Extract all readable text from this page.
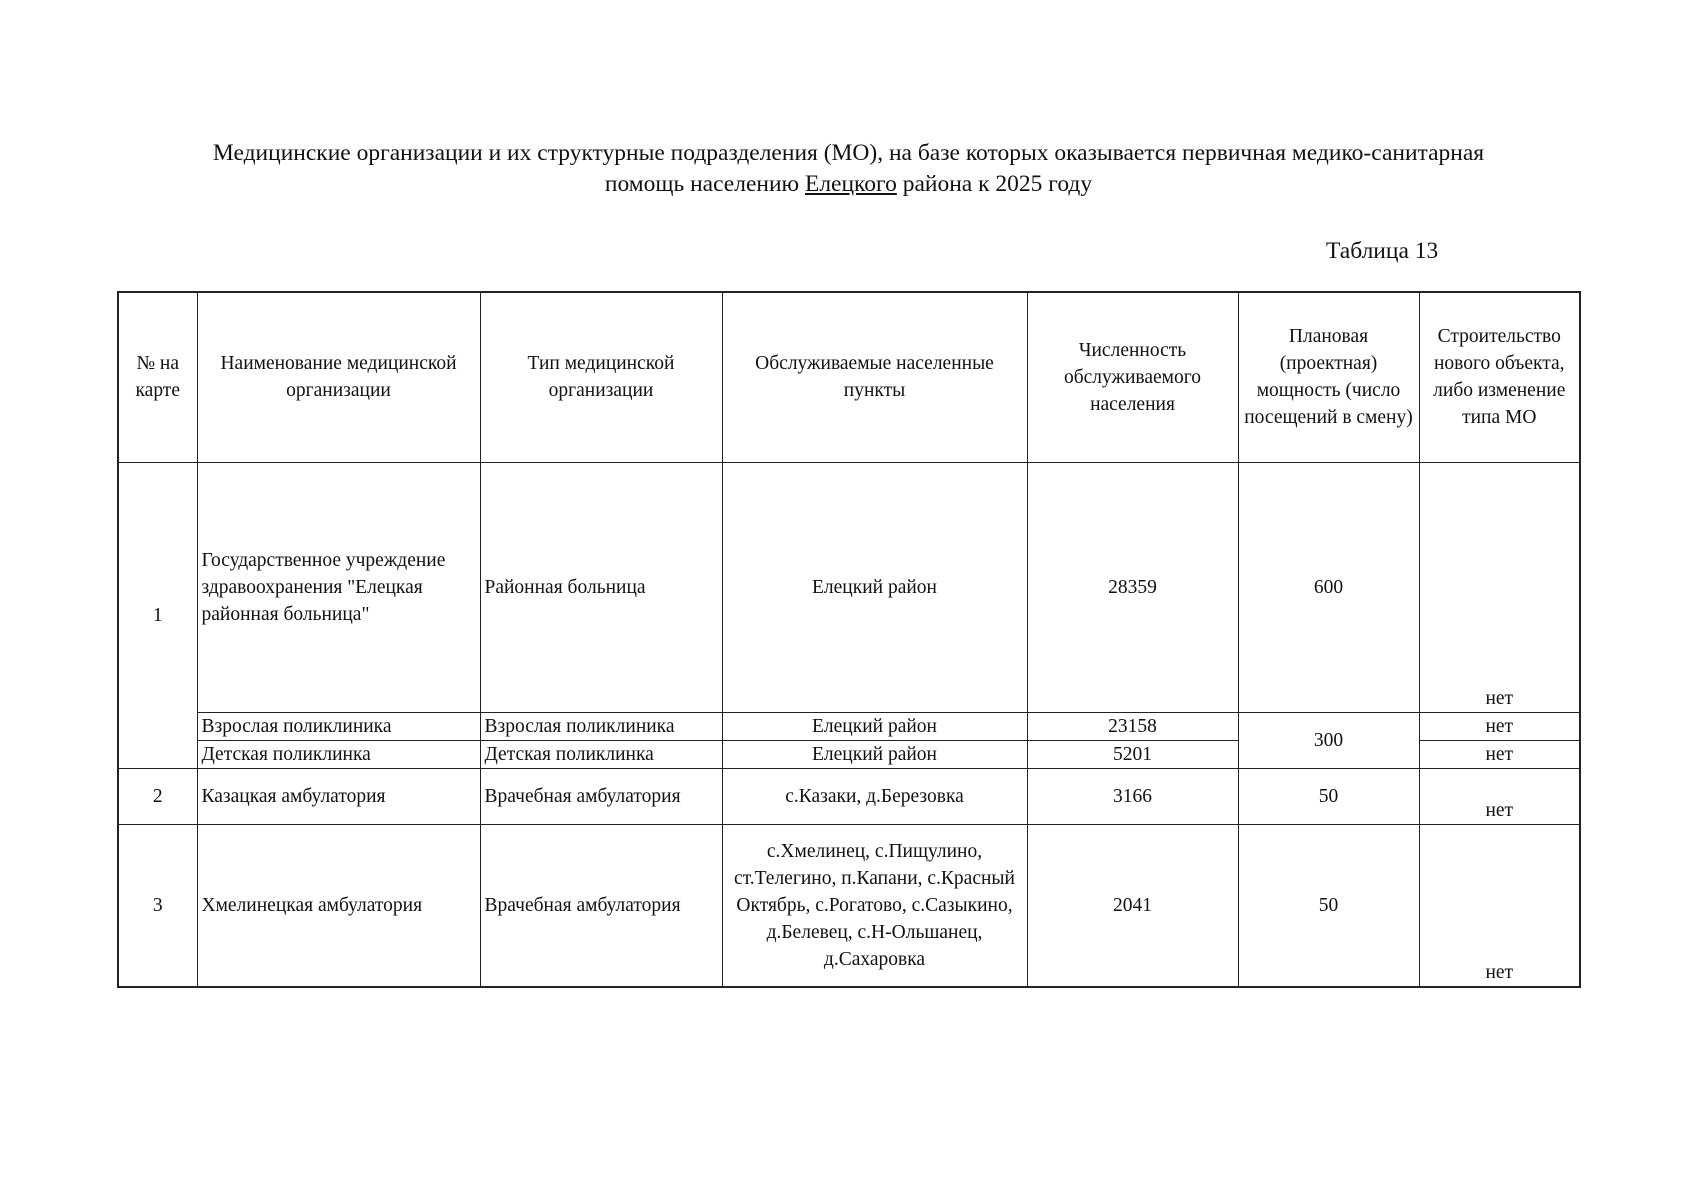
Медицинские организации и их структурные подразделения (МО), на базе которых оказывается первичная медико-санитарная
помощь населению Елецкого района к 2025 году
Таблица 13
№ на карте	Наименование медицинской организации	Тип медицинской организации	Обслуживаемые населенные пункты	Численность обслуживаемого населения	Плановая (проектная) мощность (число посещений в смену)	Строительство нового объекта, либо изменение типа МО
1	Государственное учреждение здравоохранения "Елецкая районная больница"	Районная больница	Елецкий район	28359	600	нет
	Взрослая поликлиника	Взрослая поликлиника	Елецкий район	23158	300	нет
	Детская поликлинка	Детская поликлинка	Елецкий район	5201		нет
2	Казацкая амбулатория	Врачебная амбулатория	с.Казаки, д.Березовка	3166	50	нет
3	Хмелинецкая амбулатория	Врачебная амбулатория	с.Хмелинец, с.Пищулино, ст.Телегино, п.Капани, с.Красный Октябрь, с.Рогатово, с.Сазыкино, д.Белевец, с.Н-Ольшанец, д.Сахаровка	2041	50	нет
